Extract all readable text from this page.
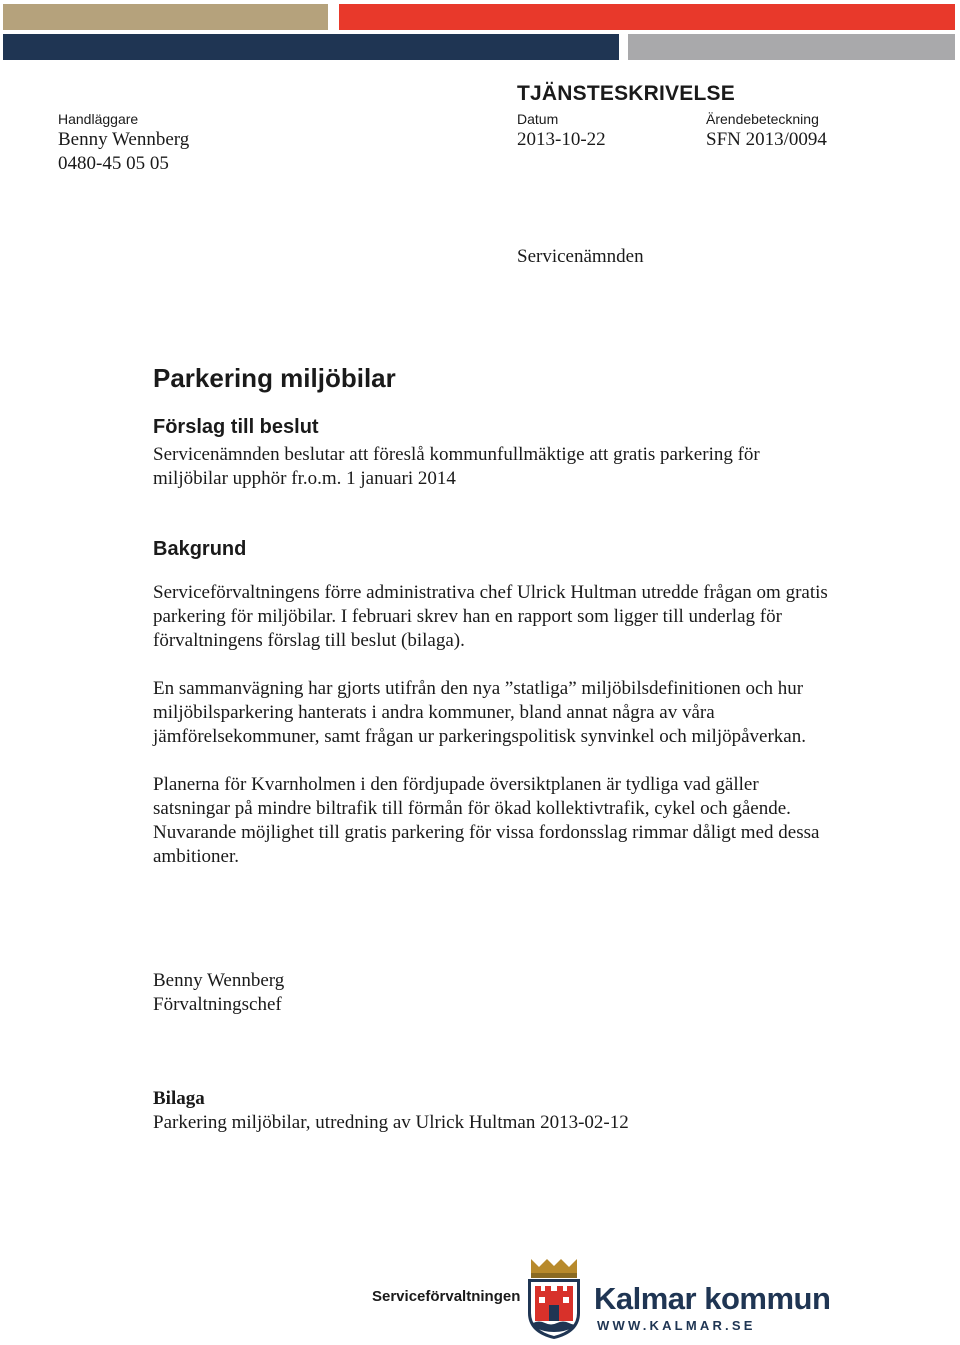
TJÄNSTESKRIVELSE
Handläggare
Benny Wennberg
0480-45 05 05
Datum
2013-10-22
Ärendebeteckning
SFN 2013/0094
Servicenämnden
Parkering miljöbilar
Förslag till beslut

Servicenämnden beslutar att föreslå kommunfullmäktige att gratis parkering för miljöbilar upphör fr.o.m. 1 januari 2014

Bakgrund

Serviceförvaltningens förre administrativa chef Ulrick Hultman utredde frågan om gratis parkering för miljöbilar. I februari skrev han en rapport som ligger till underlag för förvaltningens förslag till beslut (bilaga).

En sammanvägning har gjorts utifrån den nya ”statliga” miljöbilsdefinitionen och hur miljöbilsparkering hanterats i andra kommuner, bland annat några av våra jämförelsekommuner, samt frågan ur parkeringspolitisk synvinkel och miljöpåverkan.

Planerna för Kvarnholmen i den fördjupade översiktplanen är tydliga vad gäller satsningar på mindre biltrafik till förmån för ökad kollektivtrafik, cykel och gående. Nuvarande möjlighet till gratis parkering för vissa fordonsslag rimmar dåligt med dessa ambitioner.

Benny Wennberg

Förvaltningschef

Bilaga

Parkering miljöbilar, utredning av Ulrick Hultman 2013-02-12

Serviceförvaltningen Kalmar kommun
WWW.KALMAR.SE
